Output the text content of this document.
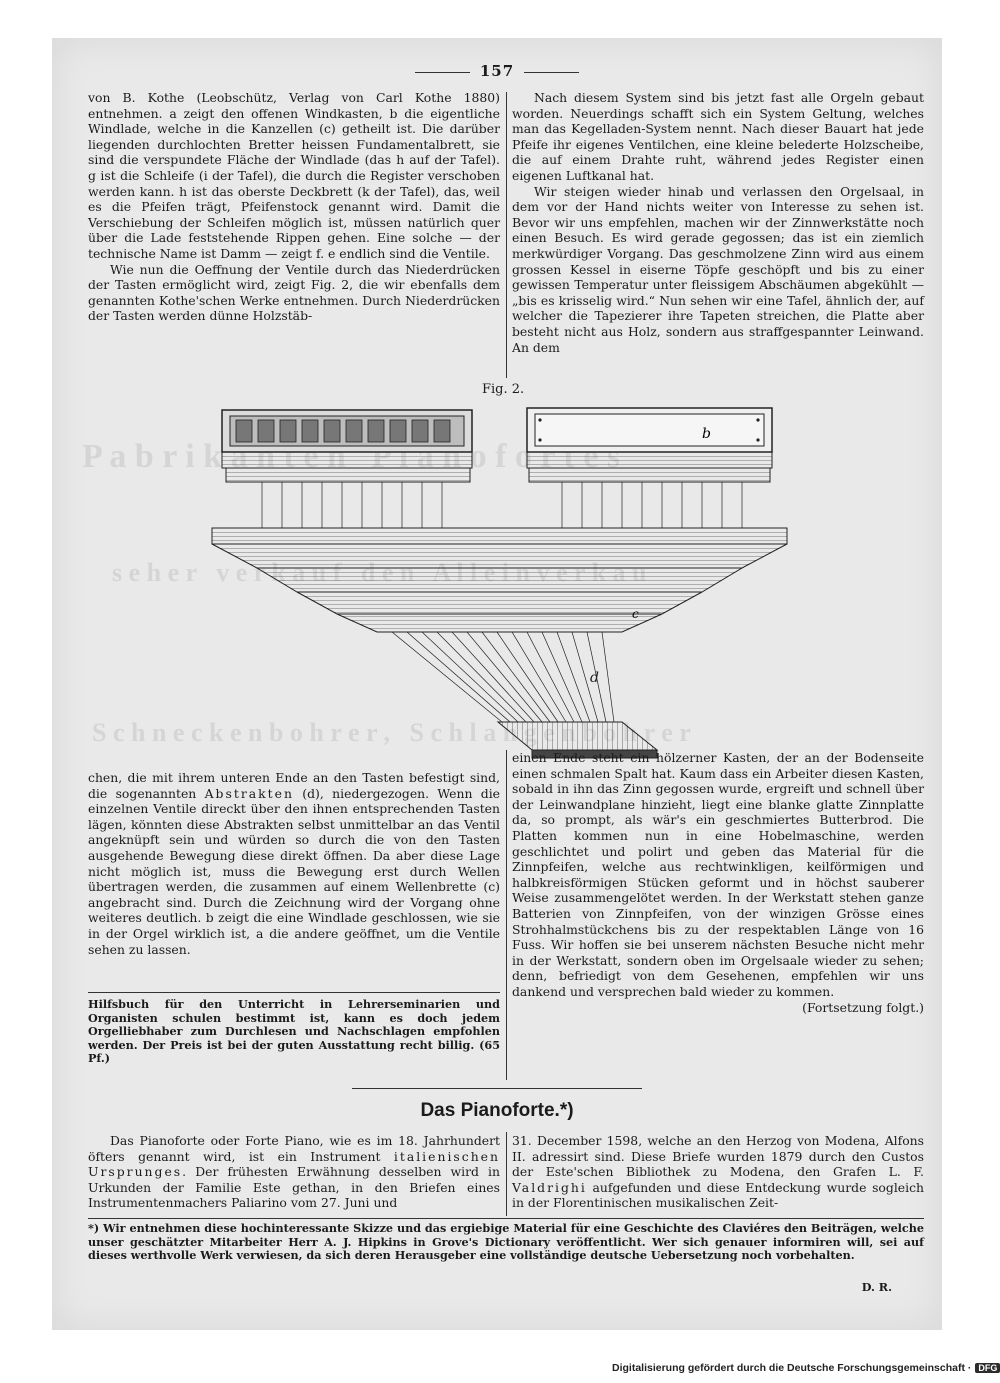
P a b r i k   o f o
s e h e r   v e r
S c h n e c k e n b o h r e r ,   S c h l a n g e n b o h r e r
157

von B. Kothe (Leobschütz, Verlag von Carl Kothe 1880) entnehmen. a zeigt den offenen Windkasten, b die eigentliche Windlade, welche in die Kanzellen (c) getheilt ist. Die darüber liegenden durchlochten Bretter heissen Fundamentalbrett, sie sind die verspundete Fläche der Windlade (das h auf der Tafel). g ist die Schleife (i der Tafel), die durch die Register verschoben werden kann. h ist das oberste Deckbrett (k der Tafel), das, weil es die Pfeifen trägt, Pfeifenstock genannt wird. Damit die Verschiebung der Schleifen möglich ist, müssen natürlich quer über die Lade feststehende Rippen gehen. Eine solche — der technische Name ist Damm — zeigt f. e endlich sind die Ventile.

Wie nun die Oeffnung der Ventile durch das Niederdrücken der Tasten ermöglicht wird, zeigt Fig. 2, die wir ebenfalls dem genannten Kothe'schen Werke entnehmen. Durch Niederdrücken der Tasten werden dünne Holzstäb-

Nach diesem System sind bis jetzt fast alle Orgeln gebaut worden. Neuerdings schafft sich ein System Geltung, welches man das Kegelladen-System nennt. Nach dieser Bauart hat jede Pfeife ihr eigenes Ventilchen, eine kleine belederte Holzscheibe, die auf einem Drahte ruht, während jedes Register einen eigenen Luftkanal hat.

Wir steigen wieder hinab und verlassen den Orgelsaal, in dem vor der Hand nichts weiter von Interesse zu sehen ist. Bevor wir uns empfehlen, machen wir der Zinnwerkstätte noch einen Besuch. Es wird gerade gegossen; das ist ein ziemlich merkwürdiger Vorgang. Das geschmolzene Zinn wird aus einem grossen Kessel in eiserne Töpfe geschöpft und bis zu einer gewissen Temperatur unter fleissigem Abschäumen abgekühlt — „bis es krisselig wird.“ Nun sehen wir eine Tafel, ähnlich der, auf welcher die Tapezierer ihre Tapeten streichen, die Platte aber besteht nicht aus Holz, sondern aus straffgespannter Leinwand. An dem

Fig. 2.
b
c
d

chen, die mit ihrem unteren Ende an den Tasten befestigt sind, die sogenannten Abstrakten (d), niedergezogen. Wenn die einzelnen Ventile direckt über den ihnen entsprechenden Tasten lägen, könnten diese Abstrakten selbst unmittelbar an das Ventil angeknüpft sein und würden so durch die von den Tasten ausgehende Bewegung diese direkt öffnen. Da aber diese Lage nicht möglich ist, muss die Bewegung erst durch Wellen übertragen werden, die zusammen auf einem Wellenbrette (c) angebracht sind. Durch die Zeichnung wird der Vorgang ohne weiteres deutlich. b zeigt die eine Windlade geschlossen, wie sie in der Orgel wirklich ist, a die andere geöffnet, um die Ventile sehen zu lassen.

einen Ende steht ein hölzerner Kasten, der an der Bodenseite einen schmalen Spalt hat. Kaum dass ein Arbeiter diesen Kasten, sobald in ihn das Zinn gegossen wurde, ergreift und schnell über der Leinwandplane hinzieht, liegt eine blanke glatte Zinnplatte da, so prompt, als wär's ein geschmiertes Butterbrod. Die Platten kommen nun in eine Hobelmaschine, werden geschlichtet und polirt und geben das Material für die Zinnpfeifen, welche aus rechtwinkligen, keilförmigen und halbkreisförmigen Stücken geformt und in höchst sauberer Weise zusammengelötet werden. In der Werkstatt stehen ganze Batterien von Zinnpfeifen, von der winzigen Grösse eines Strohhalmstückchens bis zu der respektablen Länge von 16 Fuss. Wir hoffen sie bei unserem nächsten Besuche nicht mehr in der Werkstatt, sondern oben im Orgelsaale wieder zu sehen; denn, befriedigt von dem Gesehenen, empfehlen wir uns dankend und versprechen bald wieder zu kommen.

(Fortsetzung folgt.)
Hilfsbuch für den Unterricht in Lehrerseminarien und Organisten schulen bestimmt ist, kann es doch jedem Orgelliebhaber zum Durchlesen und Nachschlagen empfohlen werden. Der Preis ist bei der guten Ausstattung recht billig. (65 Pf.)
Das Pianoforte.*)

Das Pianoforte oder Forte Piano, wie es im 18. Jahrhundert öfters genannt wird, ist ein Instrument italienischen Ursprunges. Der frühesten Erwähnung desselben wird in Urkunden der Familie Este gethan, in den Briefen eines Instrumentenmachers Paliarino vom 27. Juni und

31. December 1598, welche an den Herzog von Modena, Alfons II. adressirt sind. Diese Briefe wurden 1879 durch den Custos der Este'schen Bibliothek zu Modena, den Grafen L. F. Valdrighi aufgefunden und diese Entdeckung wurde sogleich in der Florentinischen musikalischen Zeit-

*) Wir entnehmen diese hochinteressante Skizze und das ergiebige Material für eine Geschichte des Claviéres den Beiträgen, welche unser geschätzter Mitarbeiter Herr A. J. Hipkins in Grove's Dictionary veröffentlicht. Wer sich genauer informiren will, sei auf dieses werthvolle Werk verwiesen, da sich deren Herausgeber eine vollständige deutsche Uebersetzung noch vorbehalten.
D. R.
Digitalisierung gefördert durch die Deutsche Forschungsgemeinschaft · DFG
